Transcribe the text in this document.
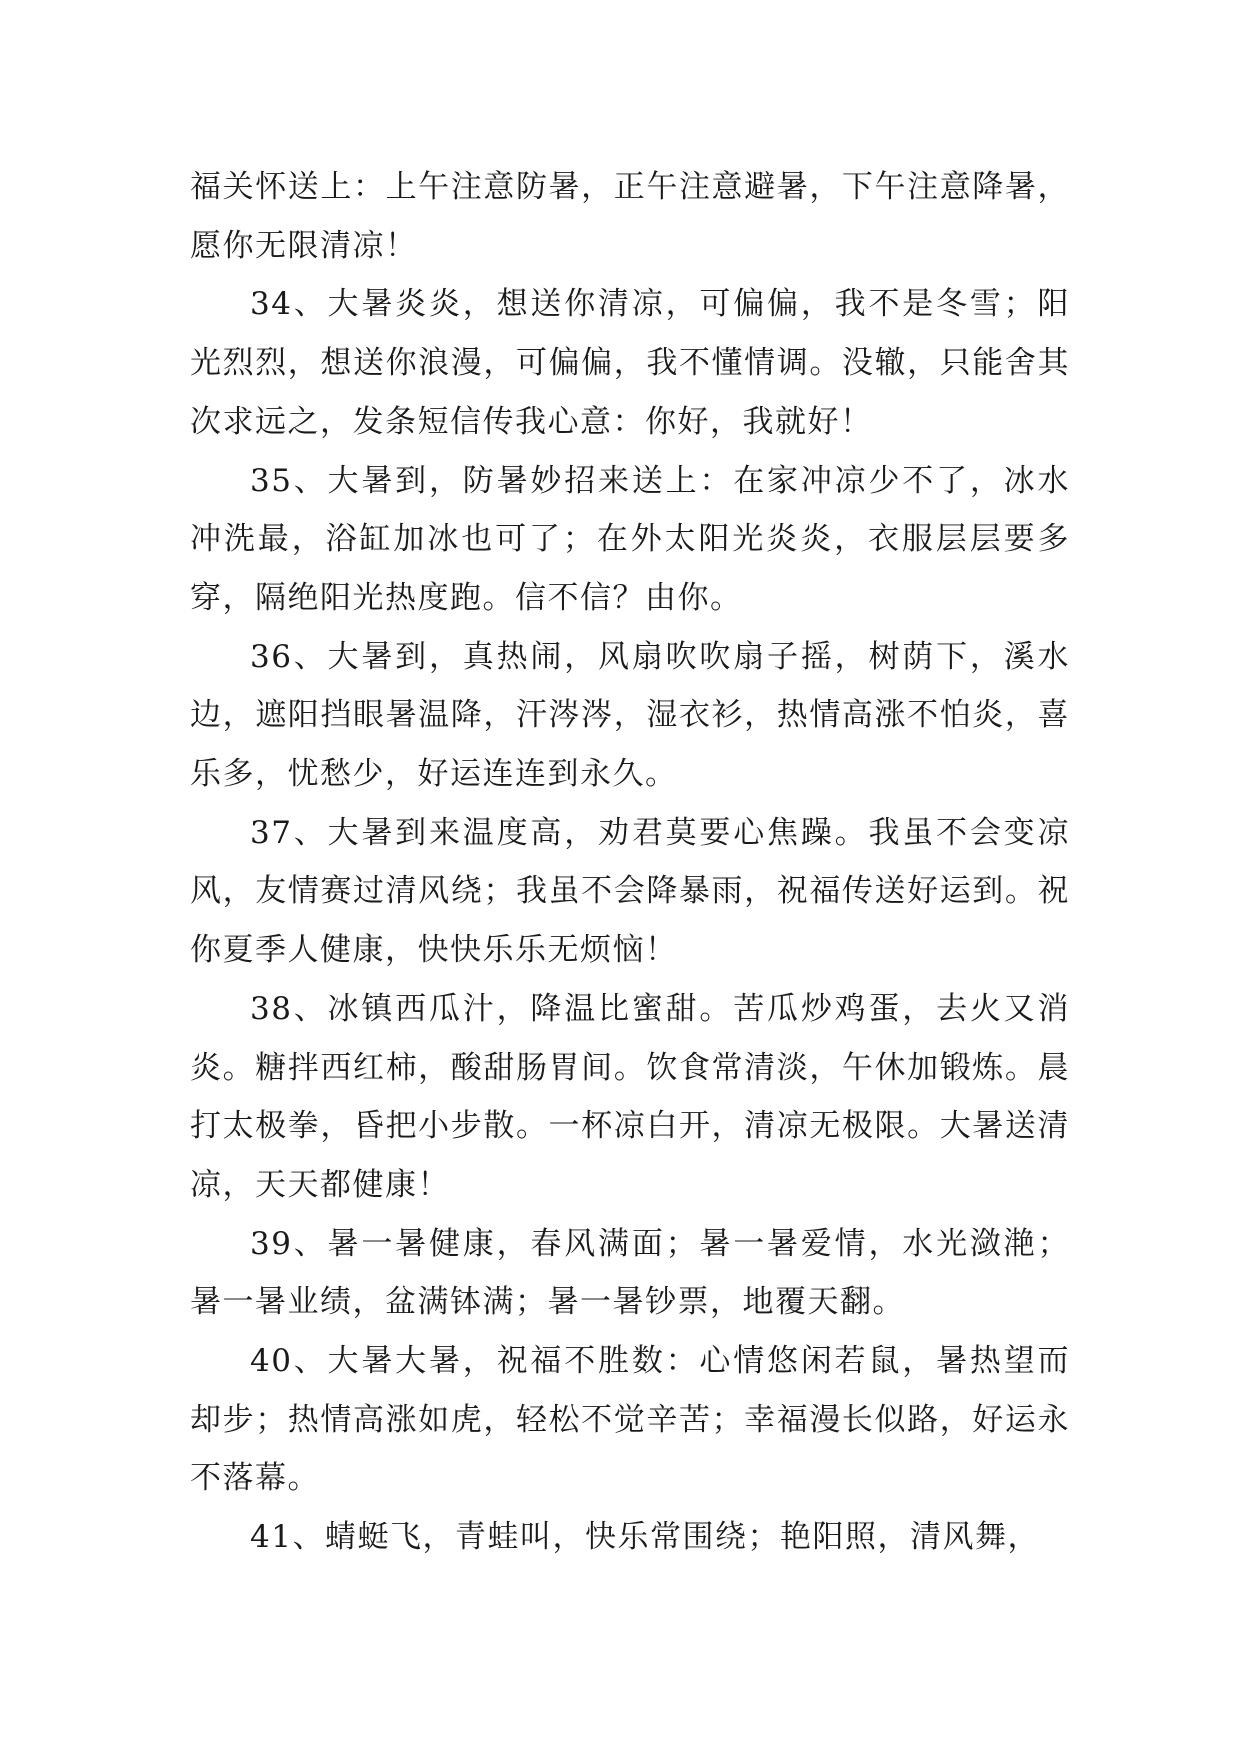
福关怀送上：上午注意防暑，正午注意避暑，下午注意降暑，愿你无限清凉！

34、大暑炎炎，想送你清凉，可偏偏，我不是冬雪；阳光烈烈，想送你浪漫，可偏偏，我不懂情调。没辙，只能舍其次求远之，发条短信传我心意：你好，我就好！

35、大暑到，防暑妙招来送上：在家冲凉少不了，冰水冲洗最，浴缸加冰也可了；在外太阳光炎炎，衣服层层要多穿，隔绝阳光热度跑。信不信？由你。

36、大暑到，真热闹，风扇吹吹扇子摇，树荫下，溪水边，遮阳挡眼暑温降，汗涔涔，湿衣衫，热情高涨不怕炎，喜乐多，忧愁少，好运连连到永久。

37、大暑到来温度高，劝君莫要心焦躁。我虽不会变凉风，友情赛过清风绕；我虽不会降暴雨，祝福传送好运到。祝你夏季人健康，快快乐乐无烦恼！

38、冰镇西瓜汁，降温比蜜甜。苦瓜炒鸡蛋，去火又消炎。糖拌西红柿，酸甜肠胃间。饮食常清淡，午休加锻炼。晨打太极拳，昏把小步散。一杯凉白开，清凉无极限。大暑送清凉，天天都健康！

39、暑一暑健康，春风满面；暑一暑爱情，水光潋滟；暑一暑业绩，盆满钵满；暑一暑钞票，地覆天翻。

40、大暑大暑，祝福不胜数：心情悠闲若鼠，暑热望而却步；热情高涨如虎，轻松不觉辛苦；幸福漫长似路，好运永不落幕。

41、蜻蜓飞，青蛙叫，快乐常围绕；艳阳照，清风舞，
